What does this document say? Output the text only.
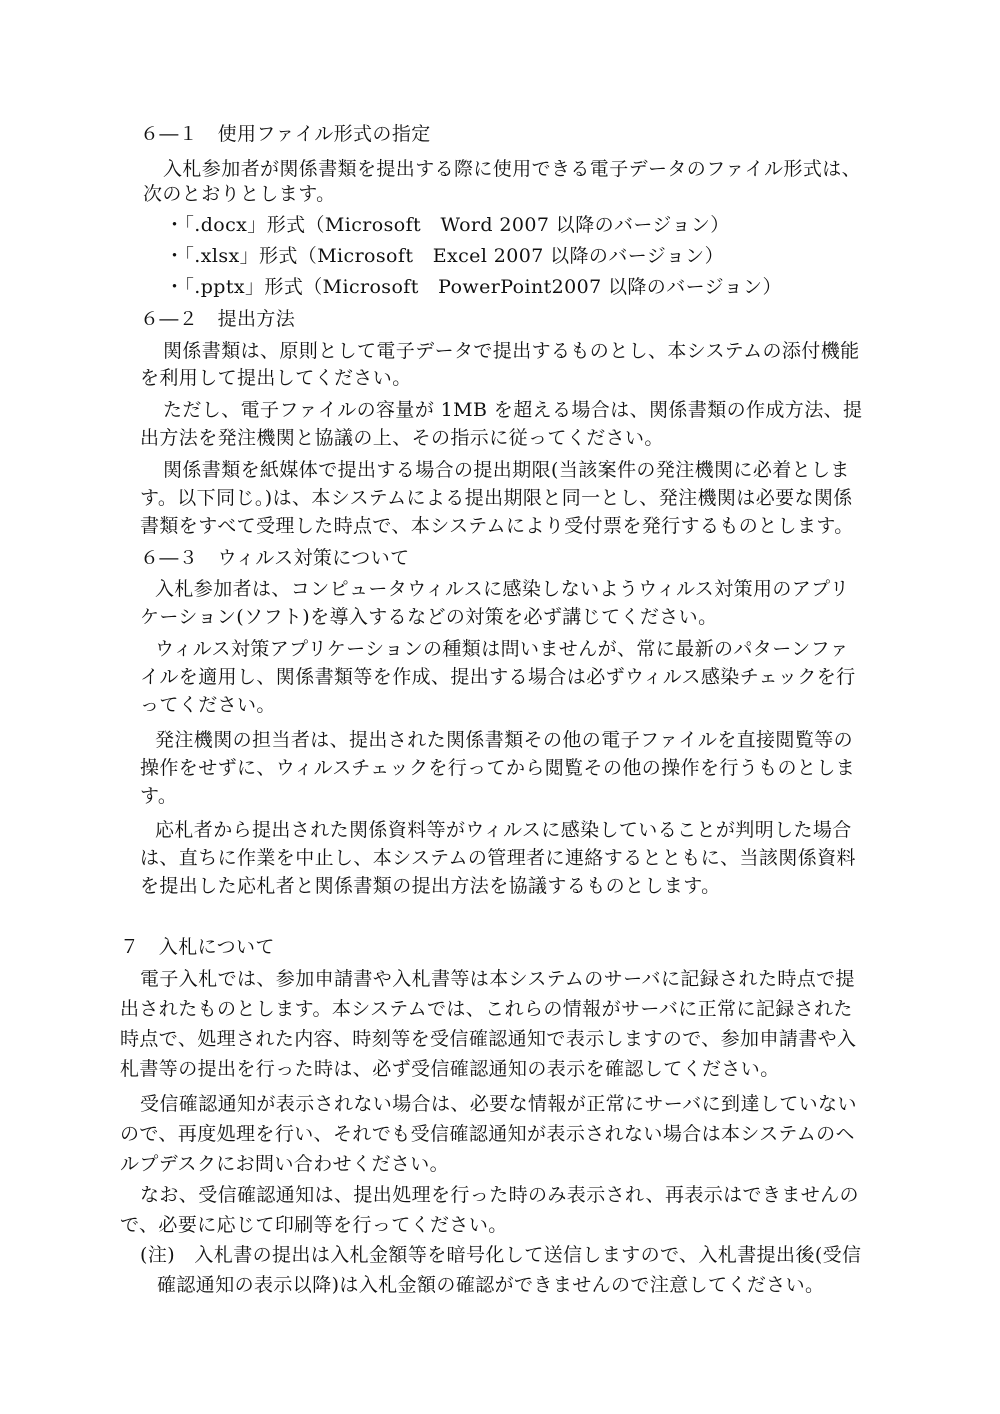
６―１　使用ファイル形式の指定
入札参加者が関係書類を提出する際に使用できる電子データのファイル形式は、
次のとおりとします。
・「.docx」形式（Microsoft　Word 2007 以降のバージョン）
・「.xlsx」形式（Microsoft　Excel 2007 以降のバージョン）
・「.pptx」形式（Microsoft　PowerPoint2007 以降のバージョン）
６―２　提出方法
関係書類は、原則として電子データで提出するものとし、本システムの添付機能
を利用して提出してください。
ただし、電子ファイルの容量が 1MB を超える場合は、関係書類の作成方法、提
出方法を発注機関と協議の上、その指示に従ってください。
関係書類を紙媒体で提出する場合の提出期限(当該案件の発注機関に必着としま
す。以下同じ。)は、本システムによる提出期限と同一とし、発注機関は必要な関係
書類をすべて受理した時点で、本システムにより受付票を発行するものとします。
６―３　ウィルス対策について
入札参加者は、コンピュータウィルスに感染しないようウィルス対策用のアプリ
ケーション(ソフト)を導入するなどの対策を必ず講じてください。
ウィルス対策アプリケーションの種類は問いませんが、常に最新のパターンファ
イルを適用し、関係書類等を作成、提出する場合は必ずウィルス感染チェックを行
ってください。
発注機関の担当者は、提出された関係書類その他の電子ファイルを直接閲覧等の
操作をせずに、ウィルスチェックを行ってから閲覧その他の操作を行うものとしま
す。
応札者から提出された関係資料等がウィルスに感染していることが判明した場合
は、直ちに作業を中止し、本システムの管理者に連絡するとともに、当該関係資料
を提出した応札者と関係書類の提出方法を協議するものとします。
７　入札について
電子入札では、参加申請書や入札書等は本システムのサーバに記録された時点で提
出されたものとします。本システムでは、これらの情報がサーバに正常に記録された
時点で、処理された内容、時刻等を受信確認通知で表示しますので、参加申請書や入
札書等の提出を行った時は、必ず受信確認通知の表示を確認してください。
受信確認通知が表示されない場合は、必要な情報が正常にサーバに到達していない
ので、再度処理を行い、それでも受信確認通知が表示されない場合は本システムのヘ
ルプデスクにお問い合わせください。
なお、受信確認通知は、提出処理を行った時のみ表示され、再表示はできませんの
で、必要に応じて印刷等を行ってください。
(注)　入札書の提出は入札金額等を暗号化して送信しますので、入札書提出後(受信
確認通知の表示以降)は入札金額の確認ができませんので注意してください。
